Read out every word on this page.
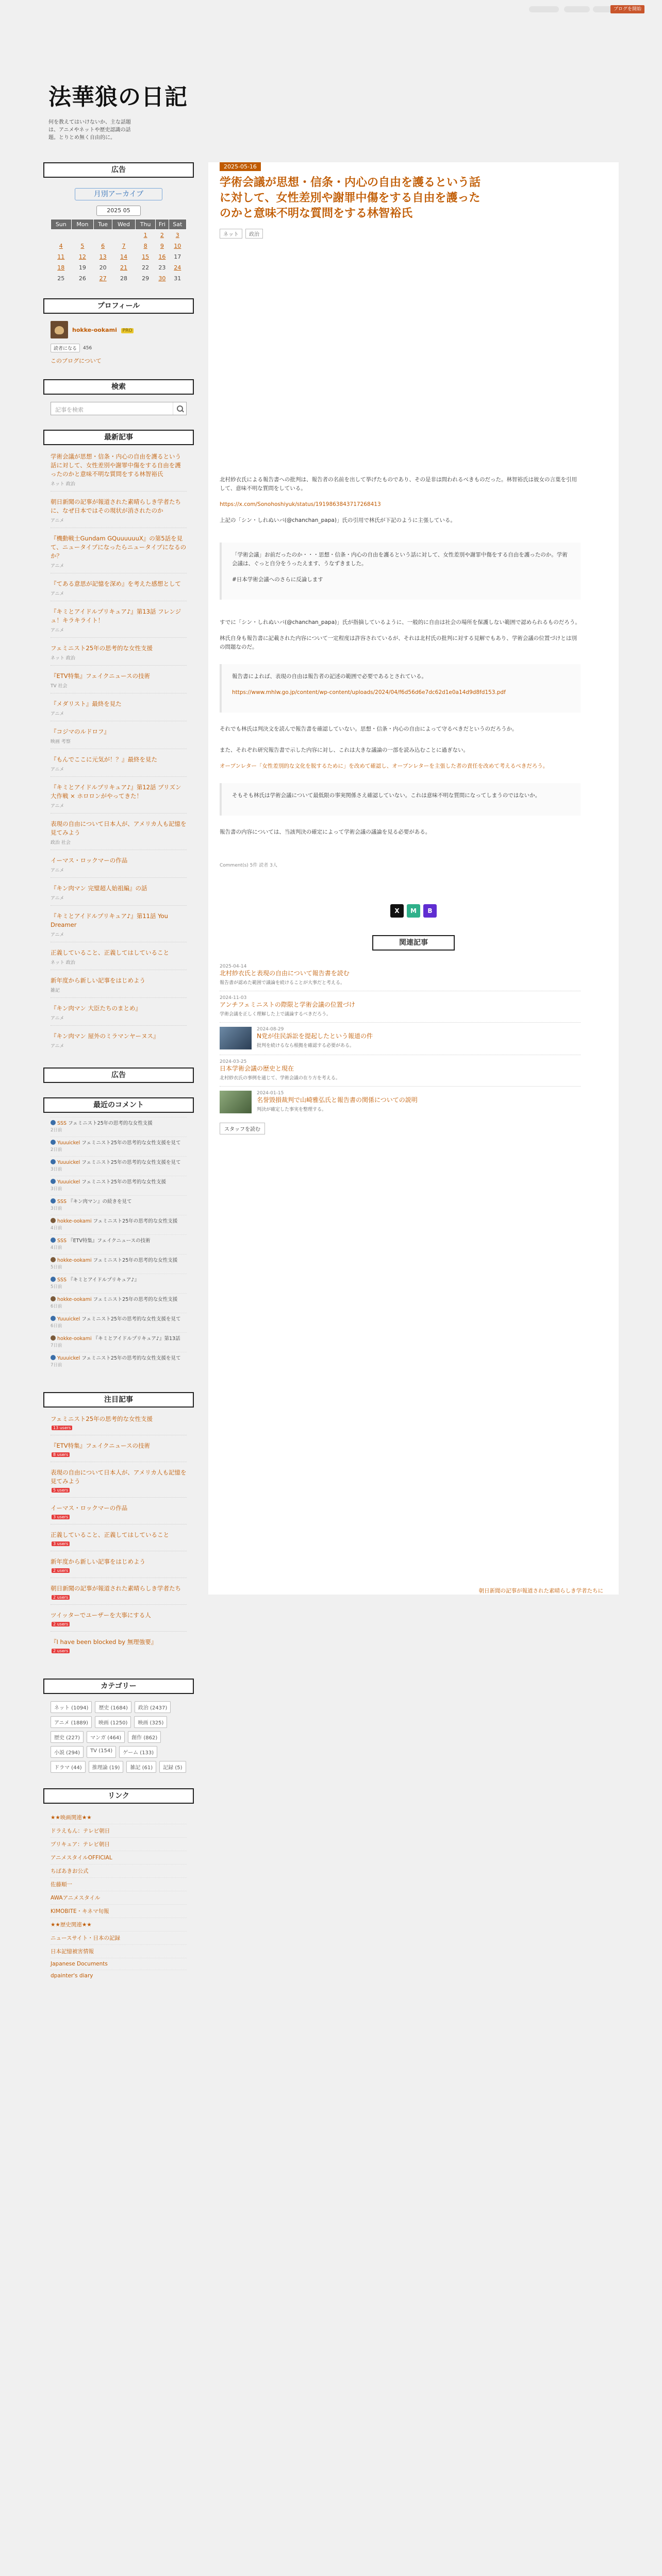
ブログを開始
法華狼の日記

何を教えてはいけないか、主な話題は、アニメやネットや歴史認識の話題。とりとめ無く自由的に。

広告
月別アーカイブ
2025 05
Sun	Mon	Tue	Wed	Thu	Fri	Sat
				1	2	3
4	5	6	7	8	9	10
11	12	13	14	15	16	17
18	19	20	21	22	23	24
25	26	27	28	29	30	31
プロフィール
hokke-ookami PRO
読者になる	456
このブログについて
検索
記事を検索
最新記事
学術会議が思想・信条・内心の自由を護るという話に対して、女性差別や謝罪中傷をする自由を護ったのかと意味不明な質問をする林智裕氏
ネット 政治
朝日新聞の記事が報道された素晴らしき学者たちに、なぜ日本ではその現状が消されたのか
アニメ
『機動戦士Gundam GQuuuuuuX』の第5話を見て、ニュータイプになったらニュータイプになるのか？
アニメ
『てある意思が記憶を深め』を考えた感想として
アニメ
『キミとアイドルプリキュア♪』第13話 フレンジュ！キラキライト！
アニメ
フェミニスト25年の思考的な女性支援
ネット 政治
『ETV特集』フェイクニュースの技術
TV 社会
『メダリスト』最終を見た
アニメ
『コジマのルドロフ』
映画 考察
『もんでここに元気が！？』最終を見た
アニメ
『キミとアイドルプリキュア♪』第12話 プリズン大作戦 × ホロロンがやってきた！
アニメ
表現の自由について日本人が、アメリカ人も記憶を見てみよう
政治 社会
イーマス・ロックマーの作品
アニメ
『キン肉マン 完璧超人始祖編』の話
アニメ
『キミとアイドルプリキュア♪』第11話 You Dreamer
アニメ
正義していること、正義してはしていること
ネット 政治
新年度から新しい記事をはじめよう
雑記
『キン肉マン 大臣たちのまとめ』
アニメ
『キン肉マン 屋外のミラマンヤーヌス』
アニメ
広告
最近のコメント
SSS フェミニスト25年の思考的な女性支援
2日前
Yuuuickel フェミニスト25年の思考的な女性支援を見て
2日前
Yuuuickel フェミニスト25年の思考的な女性支援を見て
3日前
Yuuuickel フェミニスト25年の思考的な女性支援
3日前
SSS 『キン肉マン』の続きを見て
3日前
hokke-ookami フェミニスト25年の思考的な女性支援
4日前
SSS 『ETV特集』フェイクニュースの技術
4日前
hokke-ookami フェミニスト25年の思考的な女性支援
5日前
SSS 『キミとアイドルプリキュア♪』
5日前
hokke-ookami フェミニスト25年の思考的な女性支援
6日前
Yuuuickel フェミニスト25年の思考的な女性支援を見て
6日前
hokke-ookami 『キミとアイドルプリキュア♪』第13話
7日前
Yuuuickel フェミニスト25年の思考的な女性支援を見て
7日前
注目記事
フェミニスト25年の思考的な女性支援
13 users
『ETV特集』フェイクニュースの技術
8 users
表現の自由について日本人が、アメリカ人も記憶を見てみよう
5 users
イーマス・ロックマーの作品
3 users
正義していること、正義してはしていること
3 users
新年度から新しい記事をはじめよう
2 users
朝日新聞の記事が報道された素晴らしき学者たち
2 users
ツイッターでユーザーを大事にする人
2 users
『I have been blocked by 無理強要』
2 users
カテゴリー
ネット (1094)	歴史 (1684)	政治 (2437)
アニメ (1889)	映画 (1250)	映画 (325)
歴史 (227)	マンガ (464)	創作 (862)
小説 (294)	TV (154)	ゲーム (133)
ドラマ (44)	推理論 (19)	雑記 (61)	記録 (5)
リンク
★★映画関連★★
ドラえもん：テレビ朝日
プリキュア：テレビ朝日
アニメスタイルOFFICIAL
ちばあきお公式
佐藤順一
AWAアニメスタイル
KIMOBITE・キネマ旬報
★★歴史関連★★
ニュースサイト・日本の記録
日本記憶被害情報
Japanese Documents
dpainter's diary
2025-05-16
学術会議が思想・信条・内心の自由を護るという話に対して、女性差別や謝罪中傷をする自由を護ったのかと意味不明な質問をする林智裕氏
ネット	政治

北村紗衣氏による報告書への批判は、報告者の名前を出して挙げたものであり、その是非は問われるべきものだった。林智裕氏は彼女の言葉を引用して、意味不明な質問をしている。

https://x.com/Sonohoshiyuk/status/1919863843717268413

上記の「シン・しれぬいバ(@chanchan_papa)」氏の引用で林氏が下記のように主張している。

「学術会議」お前だったのか・・・思想・信条・内心の自由を護るという話に対して、女性差別や謝罪中傷をする自由を護ったのか。学術会議は、ぐっと自分をうったえます、うなずきました。

#日本学術会議へのさらに反論します

すでに「シン・しれぬいバ(@chanchan_papa)」氏が指摘しているように、一般的に自由は社会の場所を保護しない範囲で認められるものだろう。

林氏自身も報告書に記載された内容について一定程度は許容されているが、それは北村氏の批判に対する見解でもあり、学術会議の位置づけとは別の問題なのだ。

報告書によれば、表現の自由は報告者の記述の範囲で必要であるとされている。

https://www.mhlw.go.jp/content/wp-content/uploads/2024/04/f6d56d6e7dc62d1e0a14d9d8fd153.pdf

それでも林氏は判決文を読んで報告書を確認していない。思想・信条・内心の自由によって守るべきだというのだろうか。

また、それぞれ研究報告書で示した内容に対し、これは大きな議論の一部を読み込むことに過ぎない。

オープンレター「女性差別的な文化を脱するために」を改めて確認し、オープンレターを主張した者の責任を改めて考えるべきだろう。

そもそも林氏は学術会議について最低限の事実関係さえ確認していない。これは意味不明な質問になってしまうのではないか。

報告書の内容については、当該判決の確定によって学術会議の議論を見る必要がある。

Comment(s) 5件 読者 3人

X	M	B
関連記事
2025-04-14
北村紗衣氏と表現の自由について報告書を読む
報告書が認めた範囲で議論を続けることが大事だと考える。
2024-11-03
アンチフェミニストの際限と学術会議の位置づけ
学術会議を正しく理解した上で議論するべきだろう。
2024-08-29
N党が住民訴訟を提起したという報道の件
批判を続けるなら根拠を確認する必要がある。
2024-03-25
日本学術会議の歴史と現在
北村紗衣氏の事例を通じて、学術会議の在り方を考える。
2024-01-15
名誉毀損裁判で山崎雅弘氏と報告書の関係についての説明
判決が確定した事実を整理する。
スタッフを読む
朝日新聞の記事が報道された素晴らしき学者たちに
